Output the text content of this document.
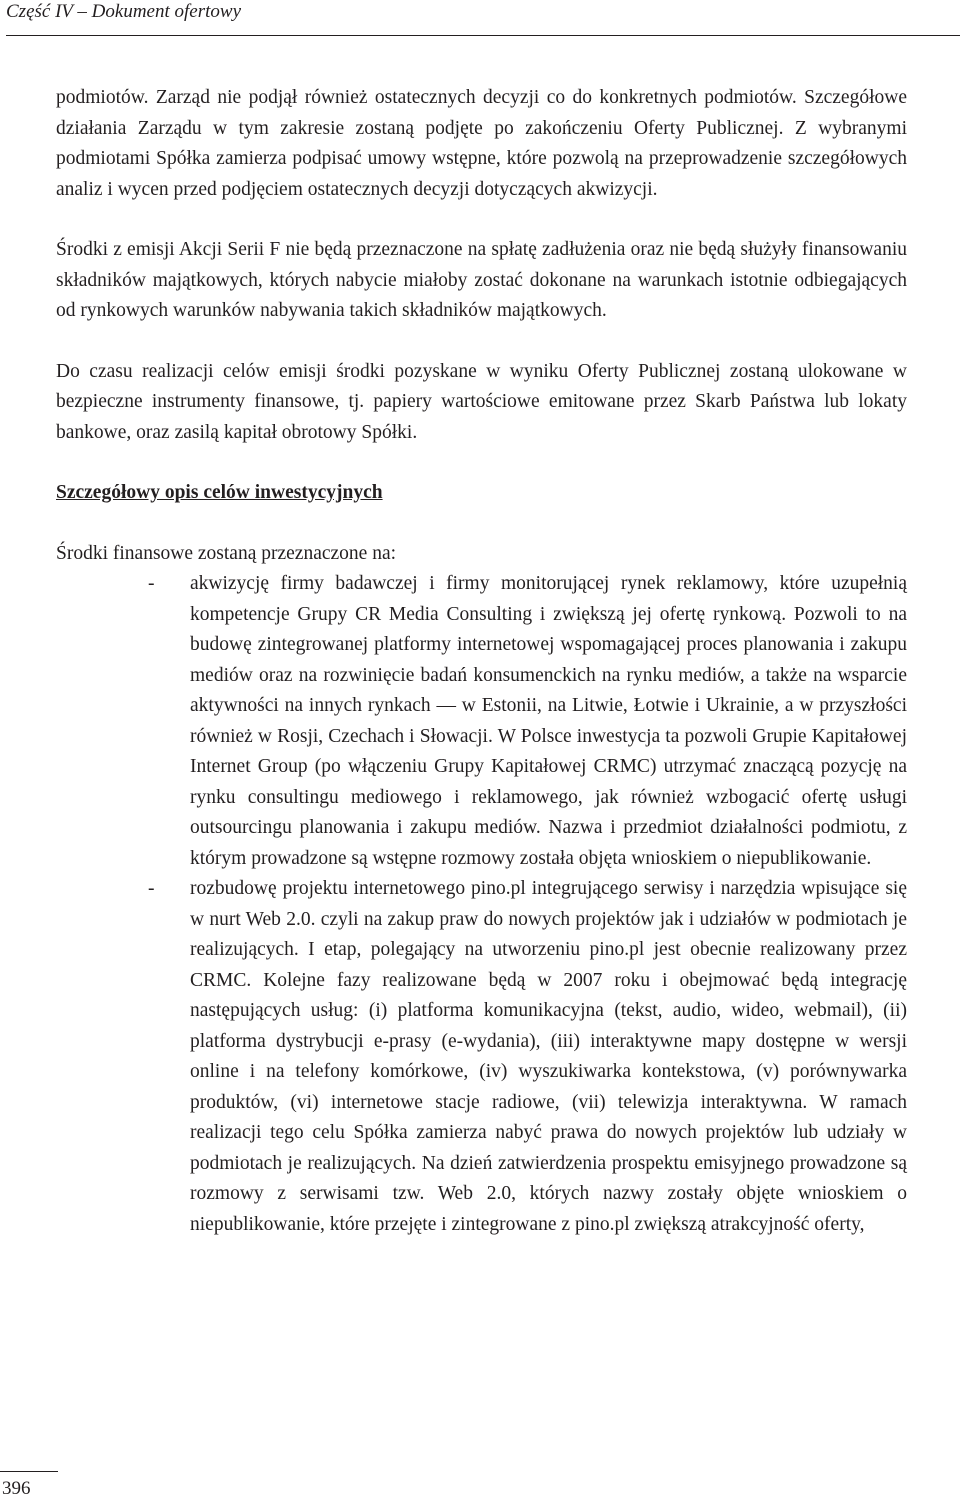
Część IV – Dokument ofertowy

podmiotów. Zarząd nie podjął również ostatecznych decyzji co do konkretnych podmiotów. Szczegółowe działania Zarządu w tym zakresie zostaną podjęte po zakończeniu Oferty Publicznej. Z wybranymi podmiotami Spółka zamierza podpisać umowy wstępne, które pozwolą na przeprowadzenie szczegółowych analiz i wycen przed podjęciem ostatecznych decyzji dotyczących akwizycji.

Środki z emisji Akcji Serii F nie będą przeznaczone na spłatę zadłużenia oraz nie będą służyły finansowaniu składników majątkowych, których nabycie miałoby zostać dokonane na warunkach istotnie odbiegających od rynkowych warunków nabywania takich składników majątkowych.

Do czasu realizacji celów emisji środki pozyskane w wyniku Oferty Publicznej zostaną ulokowane w bezpieczne instrumenty finansowe, tj. papiery wartościowe emitowane przez Skarb Państwa lub lokaty bankowe, oraz zasilą kapitał obrotowy Spółki.

Szczegółowy opis celów inwestycyjnych

Środki finansowe zostaną przeznaczone na:

- akwizycję firmy badawczej i firmy monitorującej rynek reklamowy, które uzupełnią kompetencje Grupy CR Media Consulting i zwiększą jej ofertę rynkową. Pozwoli to na budowę zintegrowanej platformy internetowej wspomagającej proces planowania i zakupu mediów oraz na rozwinięcie badań konsumenckich na rynku mediów, a także na wsparcie aktywności na innych rynkach — w Estonii, na Litwie, Łotwie i Ukrainie, a w przyszłości również w Rosji, Czechach i Słowacji. W Polsce inwestycja ta pozwoli Grupie Kapitałowej Internet Group (po włączeniu Grupy Kapitałowej CRMC) utrzymać znaczącą pozycję na rynku consultingu mediowego i reklamowego, jak również wzbogacić ofertę usługi outsourcingu planowania i zakupu mediów. Nazwa i przedmiot działalności podmiotu, z którym prowadzone są wstępne rozmowy została objęta wnioskiem o niepublikowanie.
- rozbudowę projektu internetowego pino.pl integrującego serwisy i narzędzia wpisujące się w nurt Web 2.0. czyli na zakup praw do nowych projektów jak i udziałów w podmiotach je realizujących. I etap, polegający na utworzeniu pino.pl jest obecnie realizowany przez CRMC. Kolejne fazy realizowane będą w 2007 roku i obejmować będą integrację następujących usług: (i) platforma komunikacyjna (tekst, audio, wideo, webmail), (ii) platforma dystrybucji e-prasy (e-wydania), (iii) interaktywne mapy dostępne w wersji online i na telefony komórkowe, (iv) wyszukiwarka kontekstowa, (v) porównywarka produktów, (vi) internetowe stacje radiowe, (vii) telewizja interaktywna. W ramach realizacji tego celu Spółka zamierza nabyć prawa do nowych projektów lub udziały w podmiotach je realizujących. Na dzień zatwierdzenia prospektu emisyjnego prowadzone są rozmowy z serwisami tzw. Web 2.0, których nazwy zostały objęte wnioskiem o niepublikowanie, które przejęte i zintegrowane z pino.pl zwiększą atrakcyjność oferty,
396
